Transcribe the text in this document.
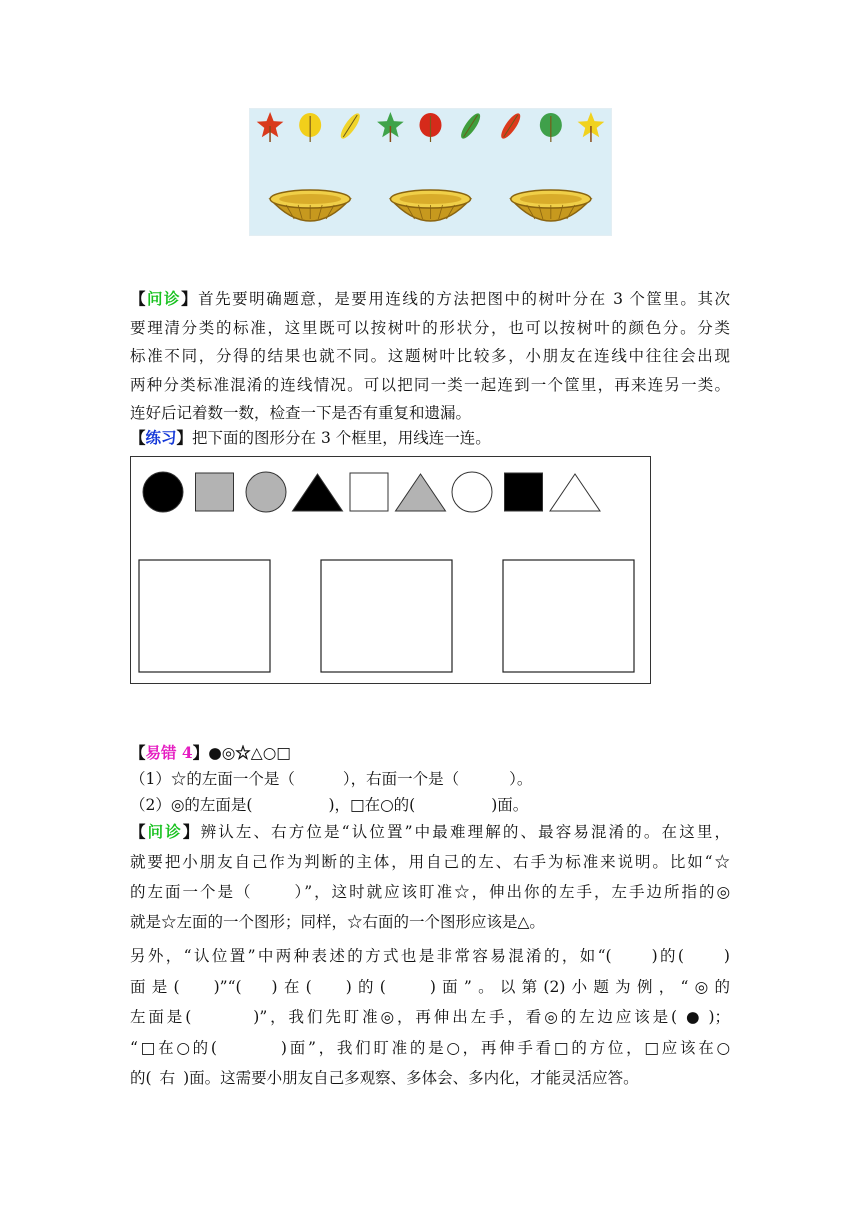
【问诊】首先要明确题意，是要用连线的方法把图中的树叶分在 3 个筐里。其次

要理清分类的标准，这里既可以按树叶的形状分，也可以按树叶的颜色分。分类

标准不同，分得的结果也就不同。这题树叶比较多，小朋友在连线中往往会出现

两种分类标准混淆的连线情况。可以把同一类一起连到一个筐里，再来连另一类。

连好后记着数一数，检查一下是否有重复和遗漏。

【练习】把下面的图形分在 3 个框里，用线连一连。

【易错 4】●◎☆△○□
（1）☆的左面一个是（	），右面一个是（	）。
（2）◎的左面是(	)，□在○的(	)面。

【问诊】辨认左、右方位是“认位置”中最难理解的、最容易混淆的。在这里，

就要把小朋友自己作为判断的主体，用自己的左、右手为标准来说明。比如“☆

的左面一个是（	）”，这时就应该盯准☆，伸出你的左手，左手边所指的◎

就是☆左面的一个图形；同样，☆右面的一个图形应该是△。

另外，“认位置”中两种表述的方式也是非常容易混淆的，如“(	)的(	)

面是( )”“( )在( )的(	)面”。以第(2)小题为例，“◎的

左面是(	)”，我们先盯准◎，再伸出左手，看◎的左边应该是( ● )；

“□在○的(	)面”，我们盯准的是○，再伸手看□的方位，□应该在○

的( 右 )面。这需要小朋友自己多观察、多体会、多内化，才能灵活应答。
